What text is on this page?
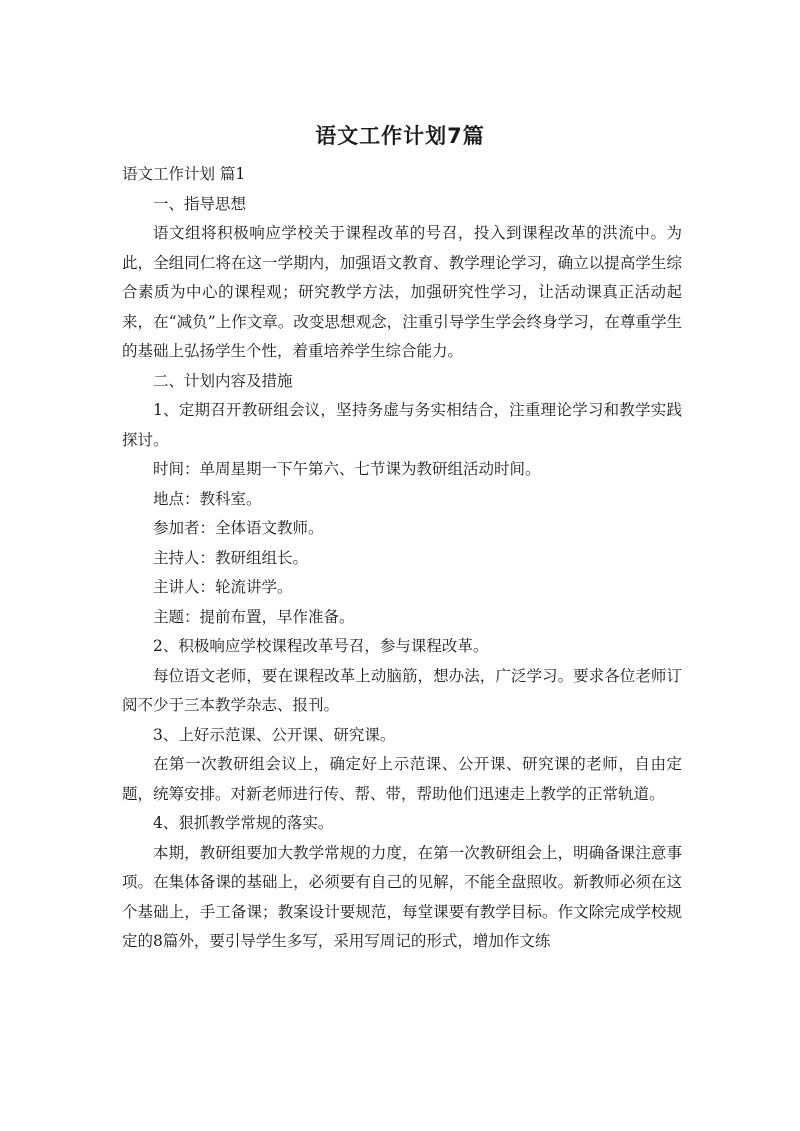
语文工作计划7篇

语文工作计划 篇1

一、指导思想

语文组将积极响应学校关于课程改革的号召，投入到课程改革的洪流中。为此，全组同仁将在这一学期内，加强语文教育、教学理论学习，确立以提高学生综合素质为中心的课程观；研究教学方法，加强研究性学习，让活动课真正活动起来，在“减负”上作文章。改变思想观念，注重引导学生学会终身学习，在尊重学生的基础上弘扬学生个性，着重培养学生综合能力。

二、计划内容及措施

1、定期召开教研组会议，坚持务虚与务实相结合，注重理论学习和教学实践探讨。

时间：单周星期一下午第六、七节课为教研组活动时间。

地点：教科室。

参加者：全体语文教师。

主持人：教研组组长。

主讲人：轮流讲学。

主题：提前布置，早作准备。

2、积极响应学校课程改革号召，参与课程改革。

每位语文老师，要在课程改革上动脑筋，想办法，广泛学习。要求各位老师订阅不少于三本教学杂志、报刊。

3、上好示范课、公开课、研究课。

在第一次教研组会议上，确定好上示范课、公开课、研究课的老师，自由定题，统筹安排。对新老师进行传、帮、带，帮助他们迅速走上教学的正常轨道。

4、狠抓教学常规的落实。

本期，教研组要加大教学常规的力度，在第一次教研组会上，明确备课注意事项。在集体备课的基础上，必须要有自己的见解，不能全盘照收。新教师必须在这个基础上，手工备课；教案设计要规范，每堂课要有教学目标。作文除完成学校规定的8篇外，要引导学生多写，采用写周记的形式，增加作文练
